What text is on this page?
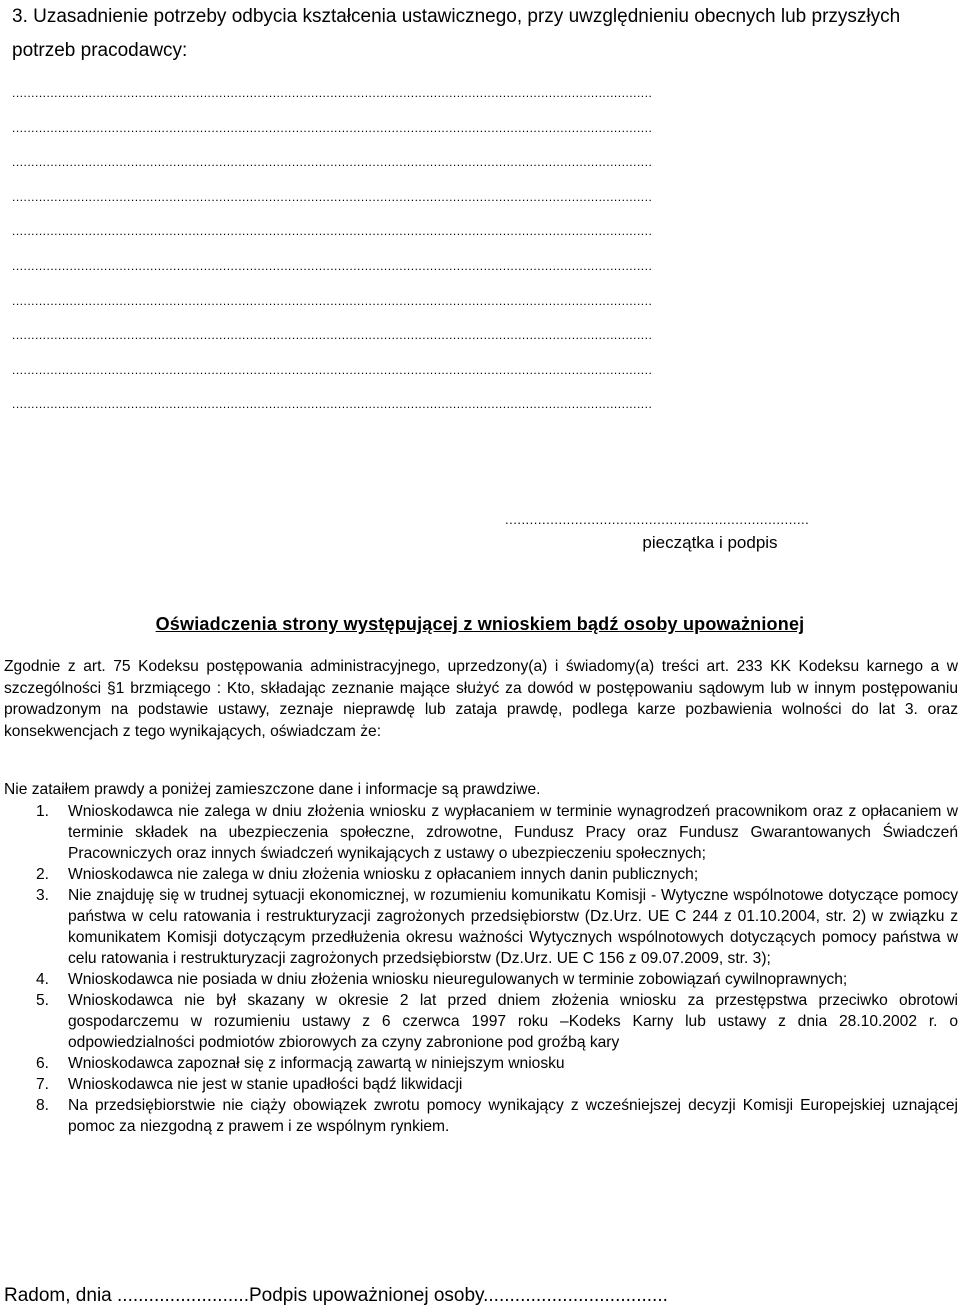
3. Uzasadnienie potrzeby odbycia kształcenia ustawicznego, przy uwzględnieniu obecnych lub przyszłych potrzeb pracodawcy:
.......................................................................................................................................................................
.......................................................................................................................................................................
.......................................................................................................................................................................
.......................................................................................................................................................................
.......................................................................................................................................................................
.......................................................................................................................................................................
.......................................................................................................................................................................
.......................................................................................................................................................................
.......................................................................................................................................................................
.......................................................................................................................................................................
..........................................................................
pieczątka i podpis
Oświadczenia strony występującej z wnioskiem bądź osoby upoważnionej

Zgodnie z art. 75 Kodeksu postępowania administracyjnego, uprzedzony(a) i świadomy(a) treści art. 233 KK Kodeksu karnego a w szczególności §1 brzmiącego : Kto, składając zeznanie mające służyć za dowód w postępowaniu sądowym lub w innym postępowaniu prowadzonym na podstawie ustawy, zeznaje nieprawdę lub zataja prawdę, podlega karze pozbawienia wolności do lat 3. oraz konsekwencjach z tego wynikających, oświadczam że:

Nie zataiłem prawdy a poniżej zamieszczone dane i informacje są prawdziwe.
1.	Wnioskodawca nie zalega w dniu złożenia wniosku z wypłacaniem w terminie wynagrodzeń pracownikom oraz z opłacaniem w terminie składek na ubezpieczenia społeczne, zdrowotne, Fundusz Pracy oraz Fundusz Gwarantowanych Świadczeń Pracowniczych oraz innych świadczeń wynikających z ustawy o ubezpieczeniu społecznych;
2.	Wnioskodawca nie zalega w dniu złożenia wniosku z opłacaniem innych danin publicznych;
3.	Nie znajduję się w trudnej sytuacji ekonomicznej, w rozumieniu komunikatu Komisji - Wytyczne wspólnotowe dotyczące pomocy państwa w celu ratowania i restrukturyzacji zagrożonych przedsiębiorstw (Dz.Urz. UE C 244 z 01.10.2004, str. 2) w związku z komunikatem Komisji dotyczącym przedłużenia okresu ważności Wytycznych wspólnotowych dotyczących pomocy państwa w celu ratowania i restrukturyzacji zagrożonych przedsiębiorstw (Dz.Urz. UE C 156 z 09.07.2009, str. 3);
4.	Wnioskodawca nie posiada w dniu złożenia wniosku nieuregulowanych w terminie zobowiązań cywilnoprawnych;
5.	Wnioskodawca nie był skazany w okresie 2 lat przed dniem złożenia wniosku za przestępstwa przeciwko obrotowi gospodarczemu w rozumieniu ustawy z 6 czerwca 1997 roku –Kodeks Karny lub ustawy z dnia 28.10.2002 r. o odpowiedzialności podmiotów zbiorowych za czyny zabronione pod groźbą kary
6.	Wnioskodawca zapoznał się z informacją zawartą w niniejszym wniosku
7.	Wnioskodawca nie jest w stanie upadłości bądź likwidacji
8.	Na przedsiębiorstwie nie ciąży obowiązek zwrotu pomocy wynikający z wcześniejszej decyzji Komisji Europejskiej uznającej pomoc za niezgodną z prawem i ze wspólnym rynkiem.
Radom, dnia .........................Podpis upoważnionej osoby...................................
